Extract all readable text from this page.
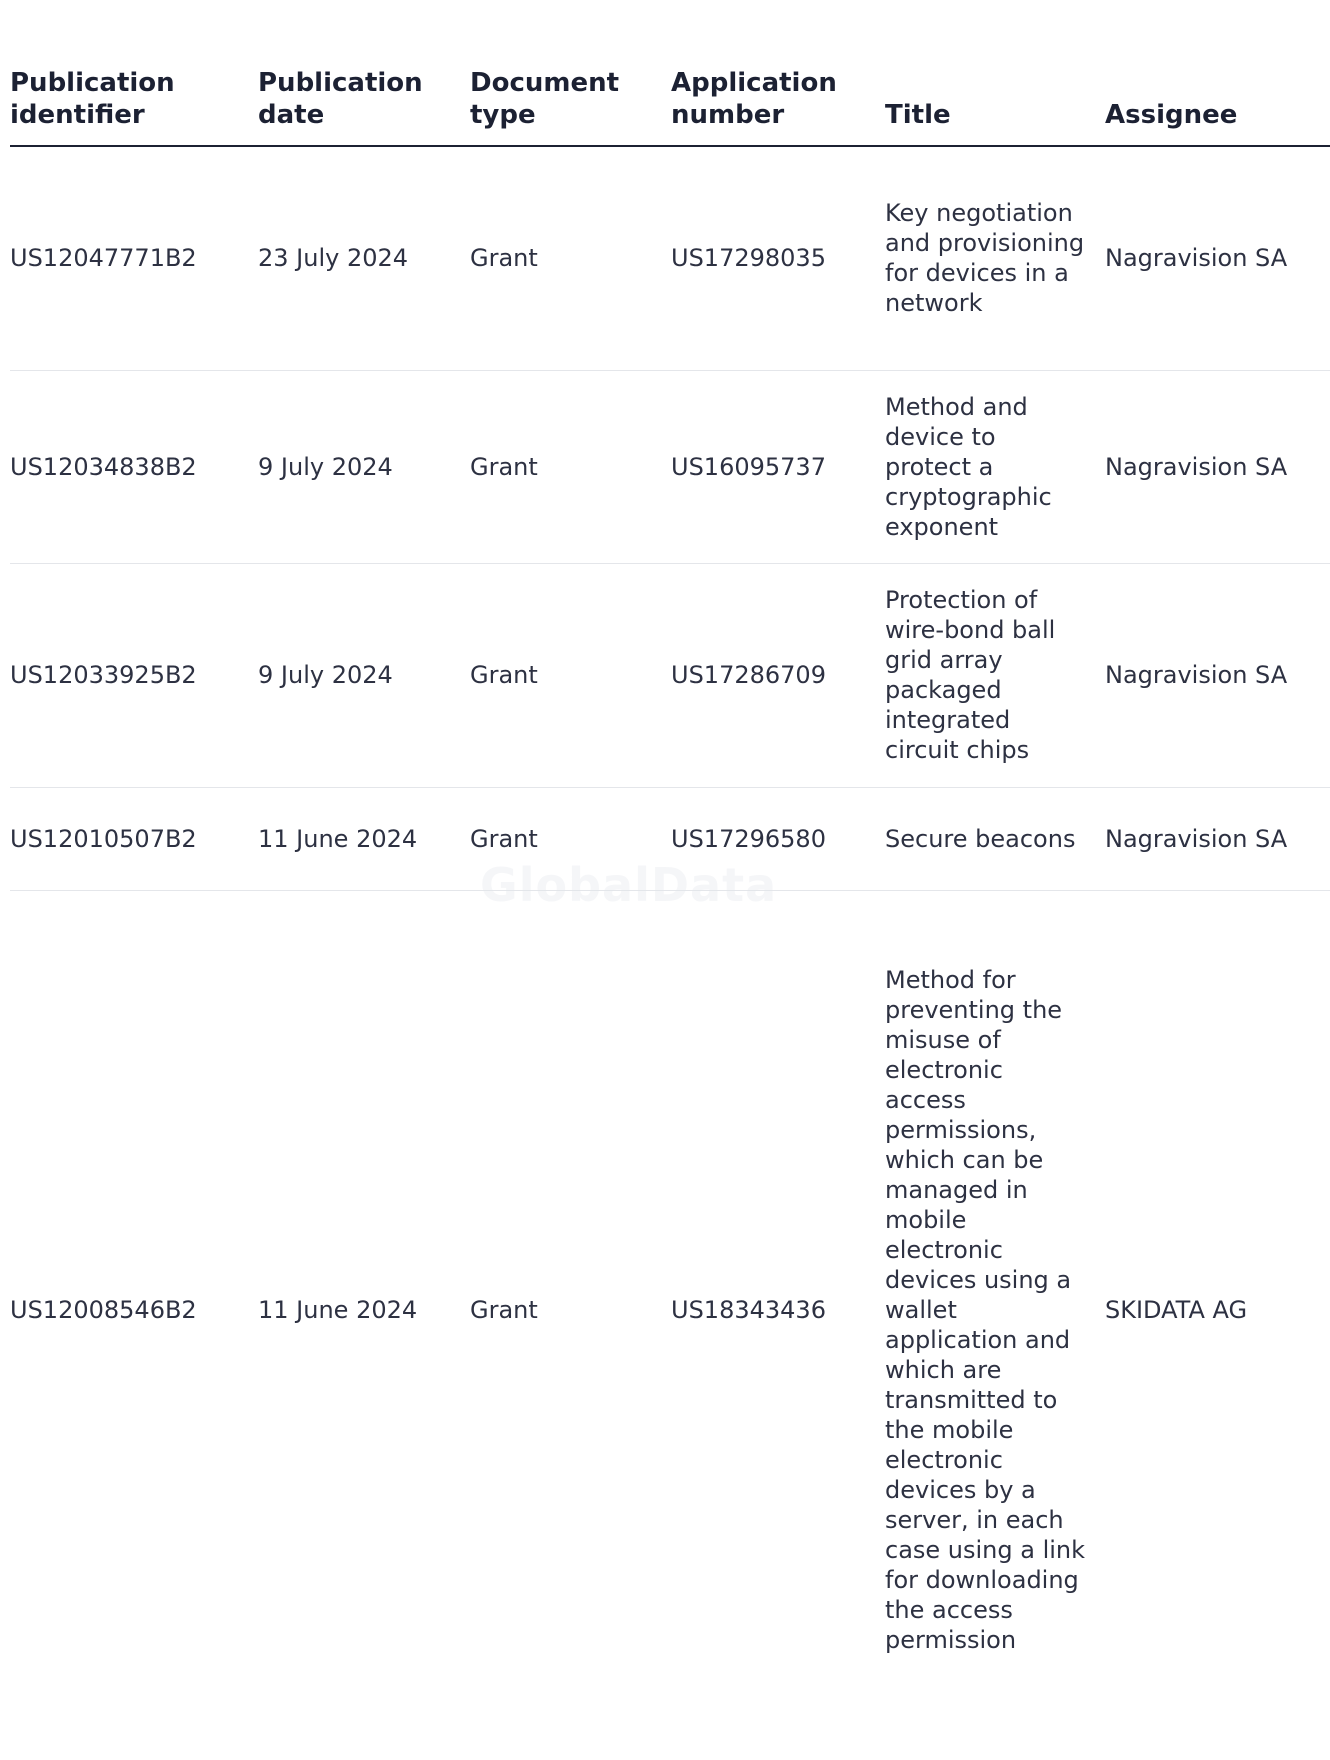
Publication identifier	Publication date	Document type	Application number	Title	Assignee
US12047771B2	23 July 2024	Grant	US17298035	Key negotiation and provisioning for devices in a network	Nagravision SA
US12034838B2	9 July 2024	Grant	US16095737	Method and device to protect a cryptographic exponent	Nagravision SA
US12033925B2	9 July 2024	Grant	US17286709	Protection of wire-bond ball grid array packaged integrated circuit chips	Nagravision SA
US12010507B2	11 June 2024	Grant	US17296580	Secure beacons	Nagravision SA
US12008546B2	11 June 2024	Grant	US18343436	Method for preventing the misuse of electronic access permissions, which can be managed in mobile electronic devices using a wallet application and which are transmitted to the mobile electronic devices by a server, in each case using a link for downloading the access permission	SKIDATA AG
GlobalData
